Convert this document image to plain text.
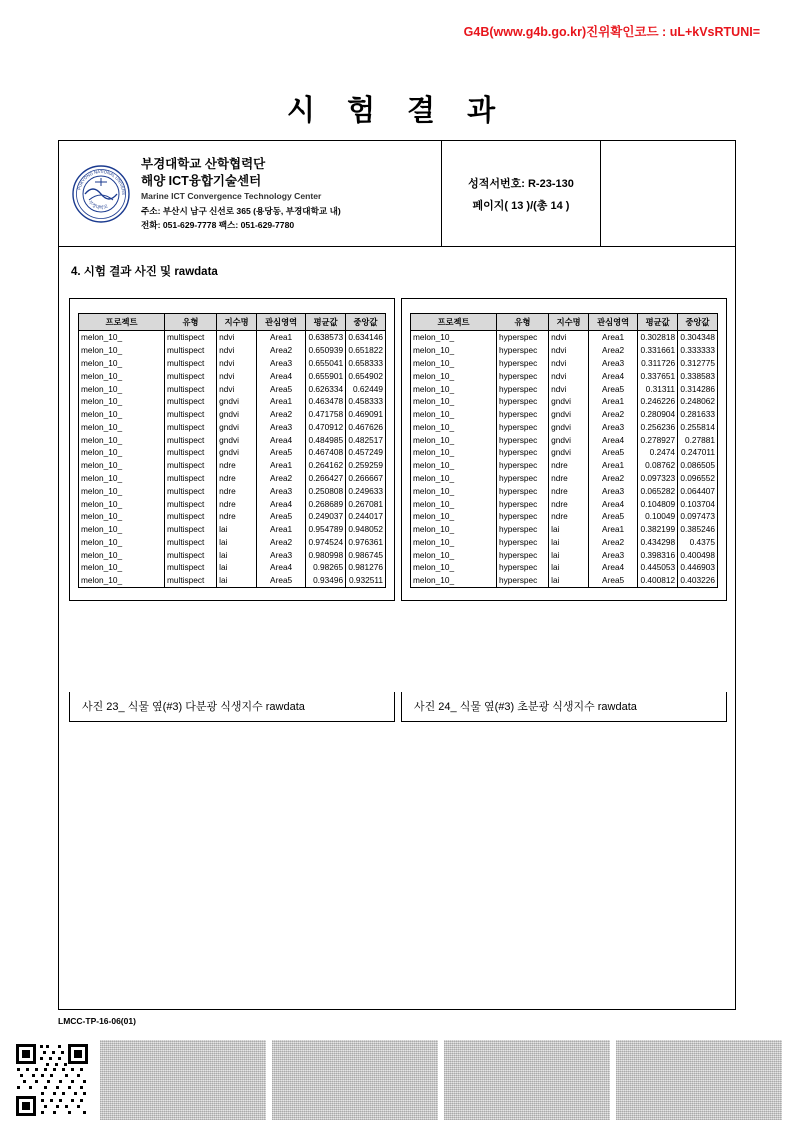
G4B(www.g4b.go.kr)진위확인코드 : uL+kVsRTUNI=
시 험 결 과
PUKYONG NATIONAL UNIVERS
부경대학교
부경대학교 산학협력단
해양 ICT융합기술센터
Marine ICT Convergence Technology Center
주소: 부산시 남구 신선로 365 (용당동, 부경대학교 내)
전화: 051-629-7778 팩스: 051-629-7780
성적서번호: R-23-130
페이지( 13 )/(총 14 )
4. 시험 결과 사진 및 rawdata
프로젝트	유형	지수명	관심영역	평균값	중앙값
melon_10_	multispect	ndvi	Area1	0.638573	0.634146
melon_10_	multispect	ndvi	Area2	0.650939	0.651822
melon_10_	multispect	ndvi	Area3	0.655041	0.658333
melon_10_	multispect	ndvi	Area4	0.655901	0.654902
melon_10_	multispect	ndvi	Area5	0.626334	0.62449
melon_10_	multispect	gndvi	Area1	0.463478	0.458333
melon_10_	multispect	gndvi	Area2	0.471758	0.469091
melon_10_	multispect	gndvi	Area3	0.470912	0.467626
melon_10_	multispect	gndvi	Area4	0.484985	0.482517
melon_10_	multispect	gndvi	Area5	0.467408	0.457249
melon_10_	multispect	ndre	Area1	0.264162	0.259259
melon_10_	multispect	ndre	Area2	0.266427	0.266667
melon_10_	multispect	ndre	Area3	0.250808	0.249633
melon_10_	multispect	ndre	Area4	0.268689	0.267081
melon_10_	multispect	ndre	Area5	0.249037	0.244017
melon_10_	multispect	lai	Area1	0.954789	0.948052
melon_10_	multispect	lai	Area2	0.974524	0.976361
melon_10_	multispect	lai	Area3	0.980998	0.986745
melon_10_	multispect	lai	Area4	0.98265	0.981276
melon_10_	multispect	lai	Area5	0.93496	0.932511
프로젝트	유형	지수명	관심영역	평균값	중앙값
melon_10_	hyperspec	ndvi	Area1	0.302818	0.304348
melon_10_	hyperspec	ndvi	Area2	0.331661	0.333333
melon_10_	hyperspec	ndvi	Area3	0.311726	0.312775
melon_10_	hyperspec	ndvi	Area4	0.337651	0.338583
melon_10_	hyperspec	ndvi	Area5	0.31311	0.314286
melon_10_	hyperspec	gndvi	Area1	0.246226	0.248062
melon_10_	hyperspec	gndvi	Area2	0.280904	0.281633
melon_10_	hyperspec	gndvi	Area3	0.256236	0.255814
melon_10_	hyperspec	gndvi	Area4	0.278927	0.27881
melon_10_	hyperspec	gndvi	Area5	0.2474	0.247011
melon_10_	hyperspec	ndre	Area1	0.08762	0.086505
melon_10_	hyperspec	ndre	Area2	0.097323	0.096552
melon_10_	hyperspec	ndre	Area3	0.065282	0.064407
melon_10_	hyperspec	ndre	Area4	0.104809	0.103704
melon_10_	hyperspec	ndre	Area5	0.10049	0.097473
melon_10_	hyperspec	lai	Area1	0.382199	0.385246
melon_10_	hyperspec	lai	Area2	0.434298	0.4375
melon_10_	hyperspec	lai	Area3	0.398316	0.400498
melon_10_	hyperspec	lai	Area4	0.445053	0.446903
melon_10_	hyperspec	lai	Area5	0.400812	0.403226
사진 23_ 식물 옆(#3) 다분광 식생지수 rawdata	사진 24_ 식물 옆(#3) 초분광 식생지수 rawdata
LMCC-TP-16-06(01)
